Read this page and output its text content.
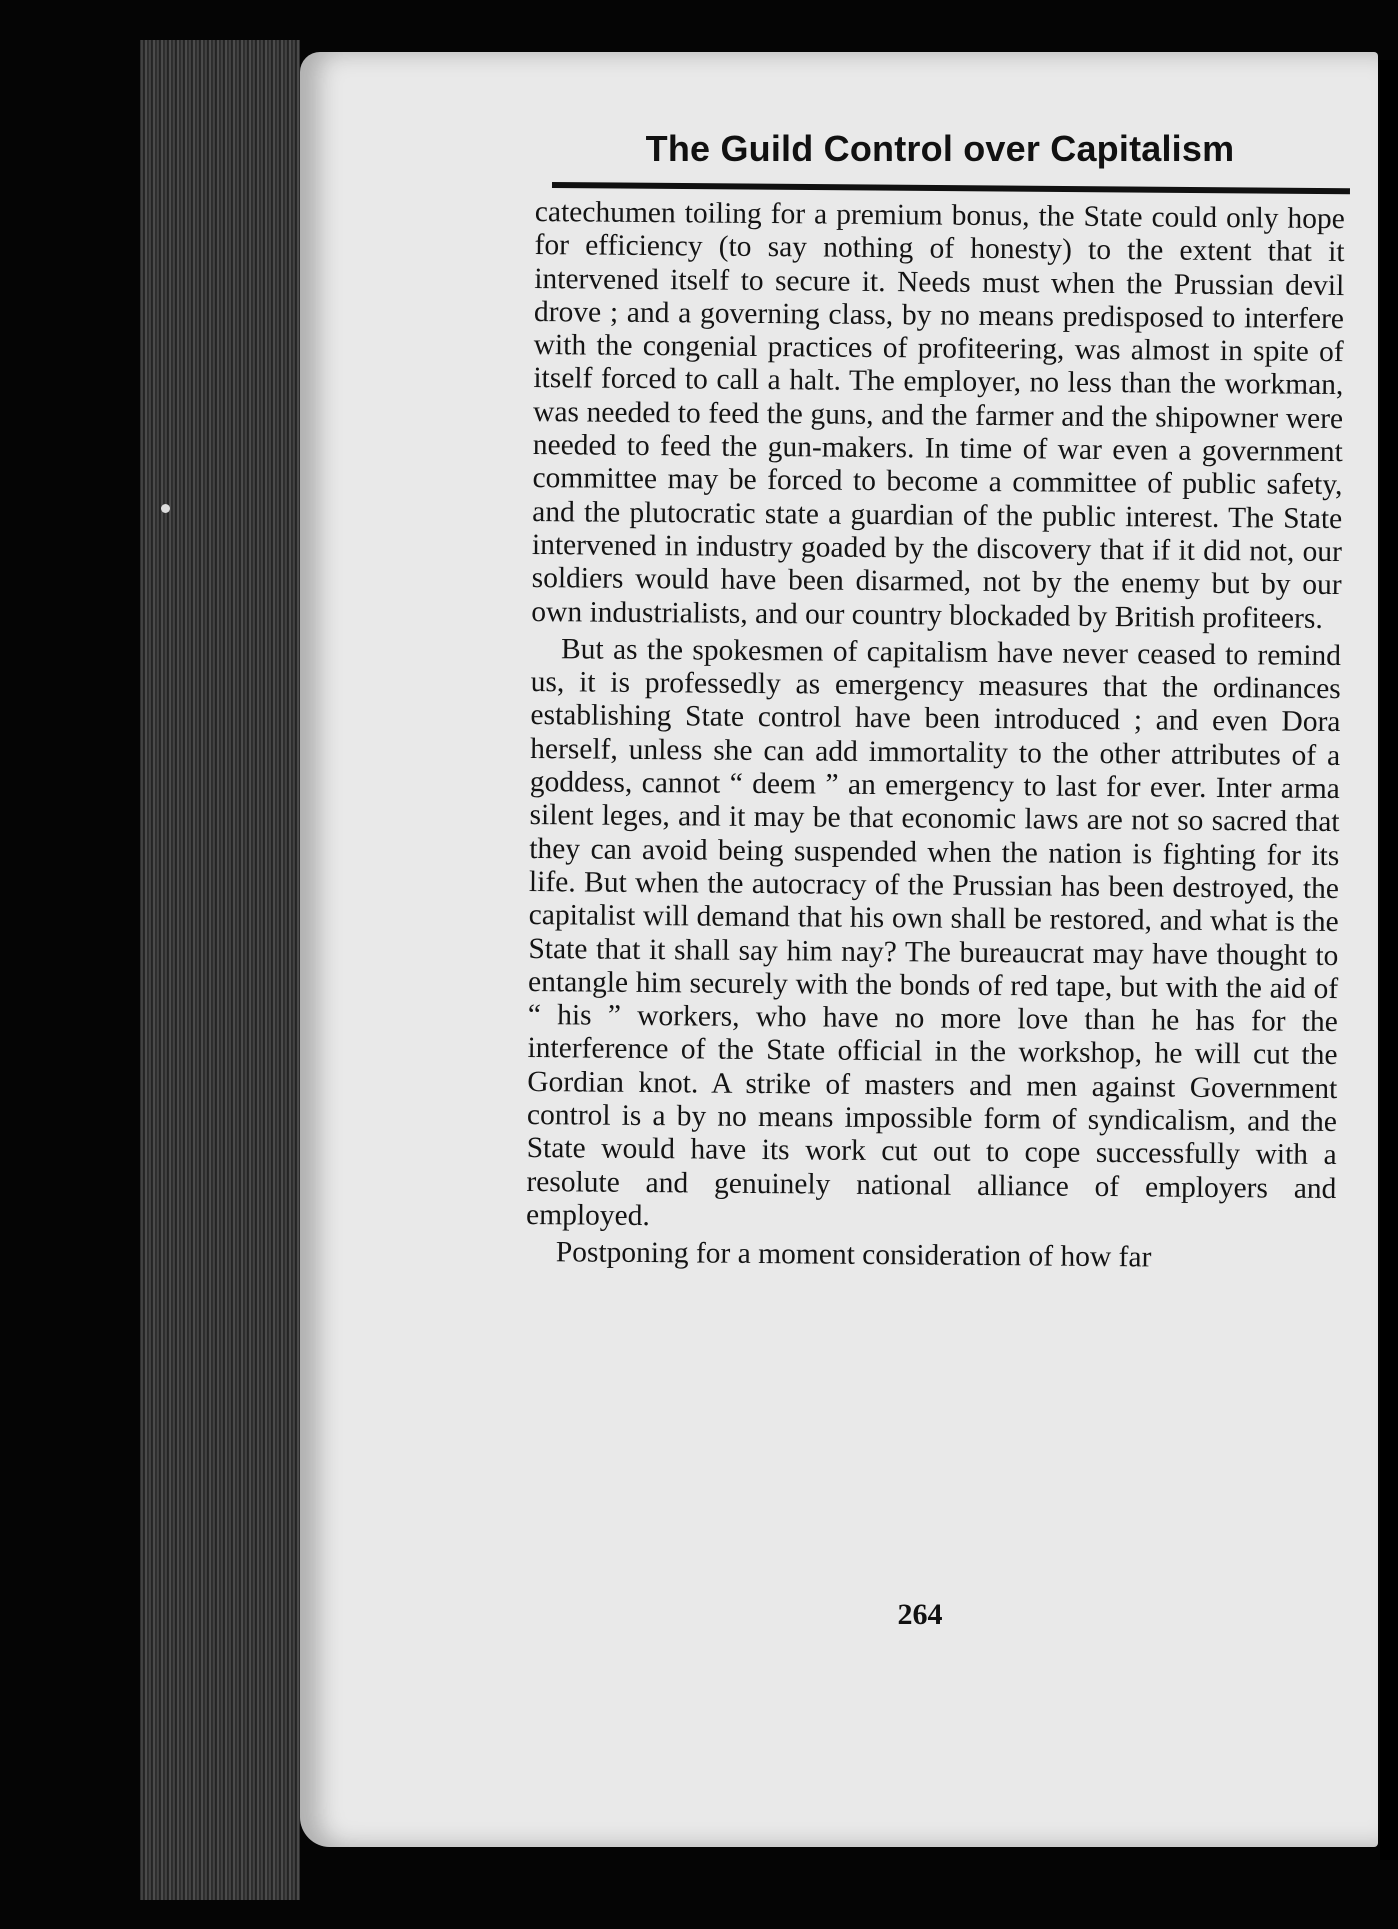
The Guild Control over Capitalism

catechumen toiling for a premium bonus, the State could only hope for efficiency (to say nothing of honesty) to the extent that it intervened itself to secure it. Needs must when the Prussian devil drove ; and a governing class, by no means predisposed to interfere with the congenial practices of profiteering, was almost in spite of itself forced to call a halt. The employer, no less than the workman, was needed to feed the guns, and the farmer and the shipowner were needed to feed the gun-makers. In time of war even a government committee may be forced to become a committee of public safety, and the plutocratic state a guardian of the public interest. The State intervened in industry goaded by the discovery that if it did not, our soldiers would have been disarmed, not by the enemy but by our own industrialists, and our country blockaded by British profiteers.

But as the spokesmen of capitalism have never ceased to remind us, it is professedly as emergency measures that the ordinances establishing State control have been introduced ; and even Dora herself, unless she can add immortality to the other attributes of a goddess, cannot “ deem ” an emergency to last for ever. Inter arma silent leges, and it may be that economic laws are not so sacred that they can avoid being suspended when the nation is fighting for its life. But when the autocracy of the Prussian has been destroyed, the capitalist will demand that his own shall be restored, and what is the State that it shall say him nay? The bureaucrat may have thought to entangle him securely with the bonds of red tape, but with the aid of “ his ” workers, who have no more love than he has for the interference of the State official in the workshop, he will cut the Gordian knot. A strike of masters and men against Government control is a by no means impossible form of syndicalism, and the State would have its work cut out to cope successfully with a resolute and genuinely national alliance of employers and employed.

Postponing for a moment consideration of how far

264
